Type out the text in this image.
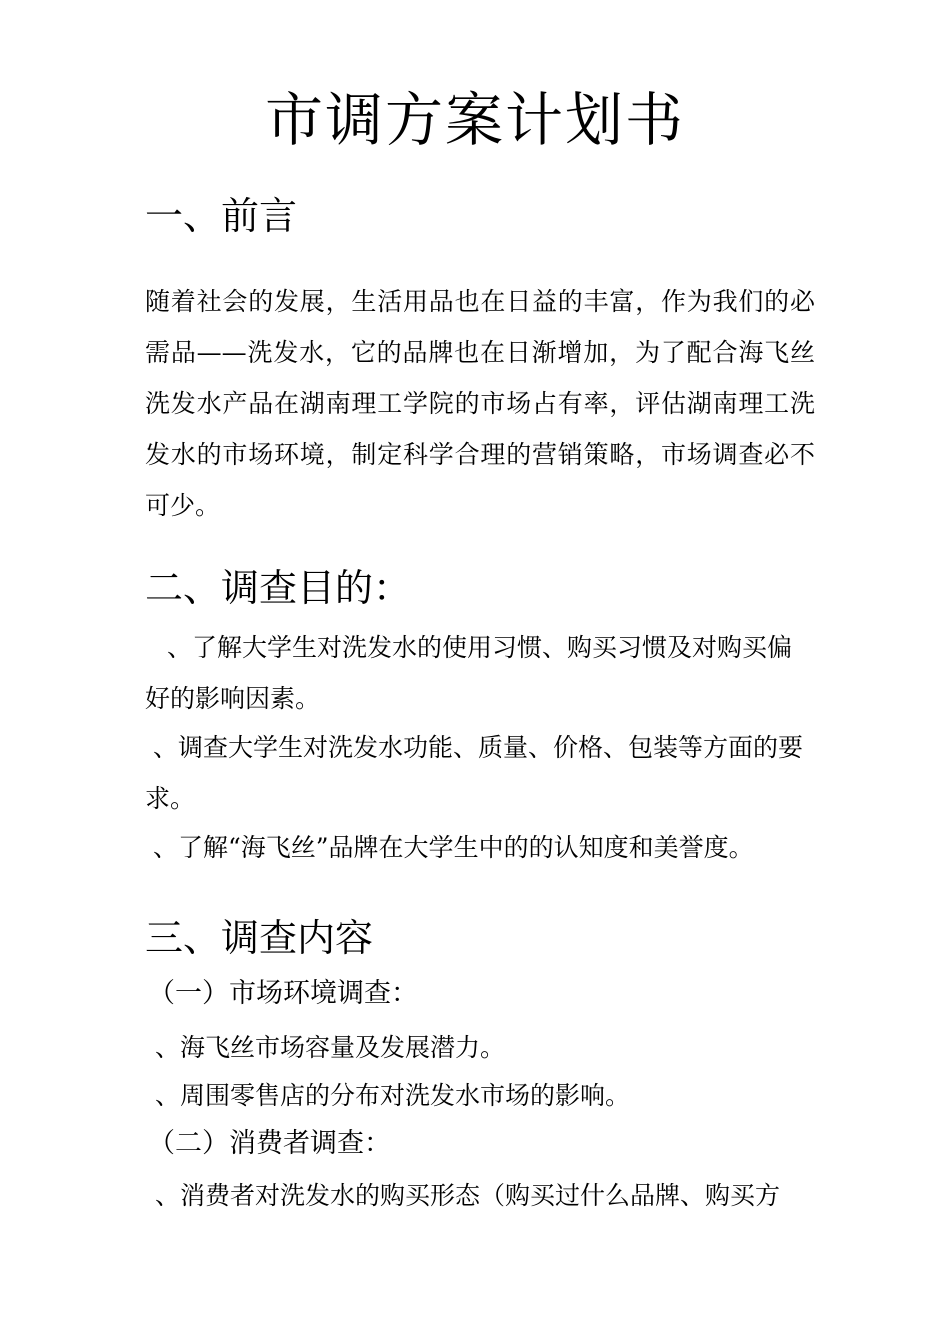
市调方案计划书
一、前言

随着社会的发展，生活用品也在日益的丰富，作为我们的必需品——洗发水，它的品牌也在日渐增加，为了配合海飞丝洗发水产品在湖南理工学院的市场占有率，评估湖南理工洗发水的市场环境，制定科学合理的营销策略，市场调查必不可少。

二、调查目的：

、了解大学生对洗发水的使用习惯、购买习惯及对购买偏好的影响因素。

、调查大学生对洗发水功能、质量、价格、包装等方面的要求。

、了解“海飞丝”品牌在大学生中的的认知度和美誉度。

三、调查内容

（一）市场环境调查：

、海飞丝市场容量及发展潜力。

、周围零售店的分布对洗发水市场的影响。

（二）消费者调查：

、消费者对洗发水的购买形态（购买过什么品牌、购买方
